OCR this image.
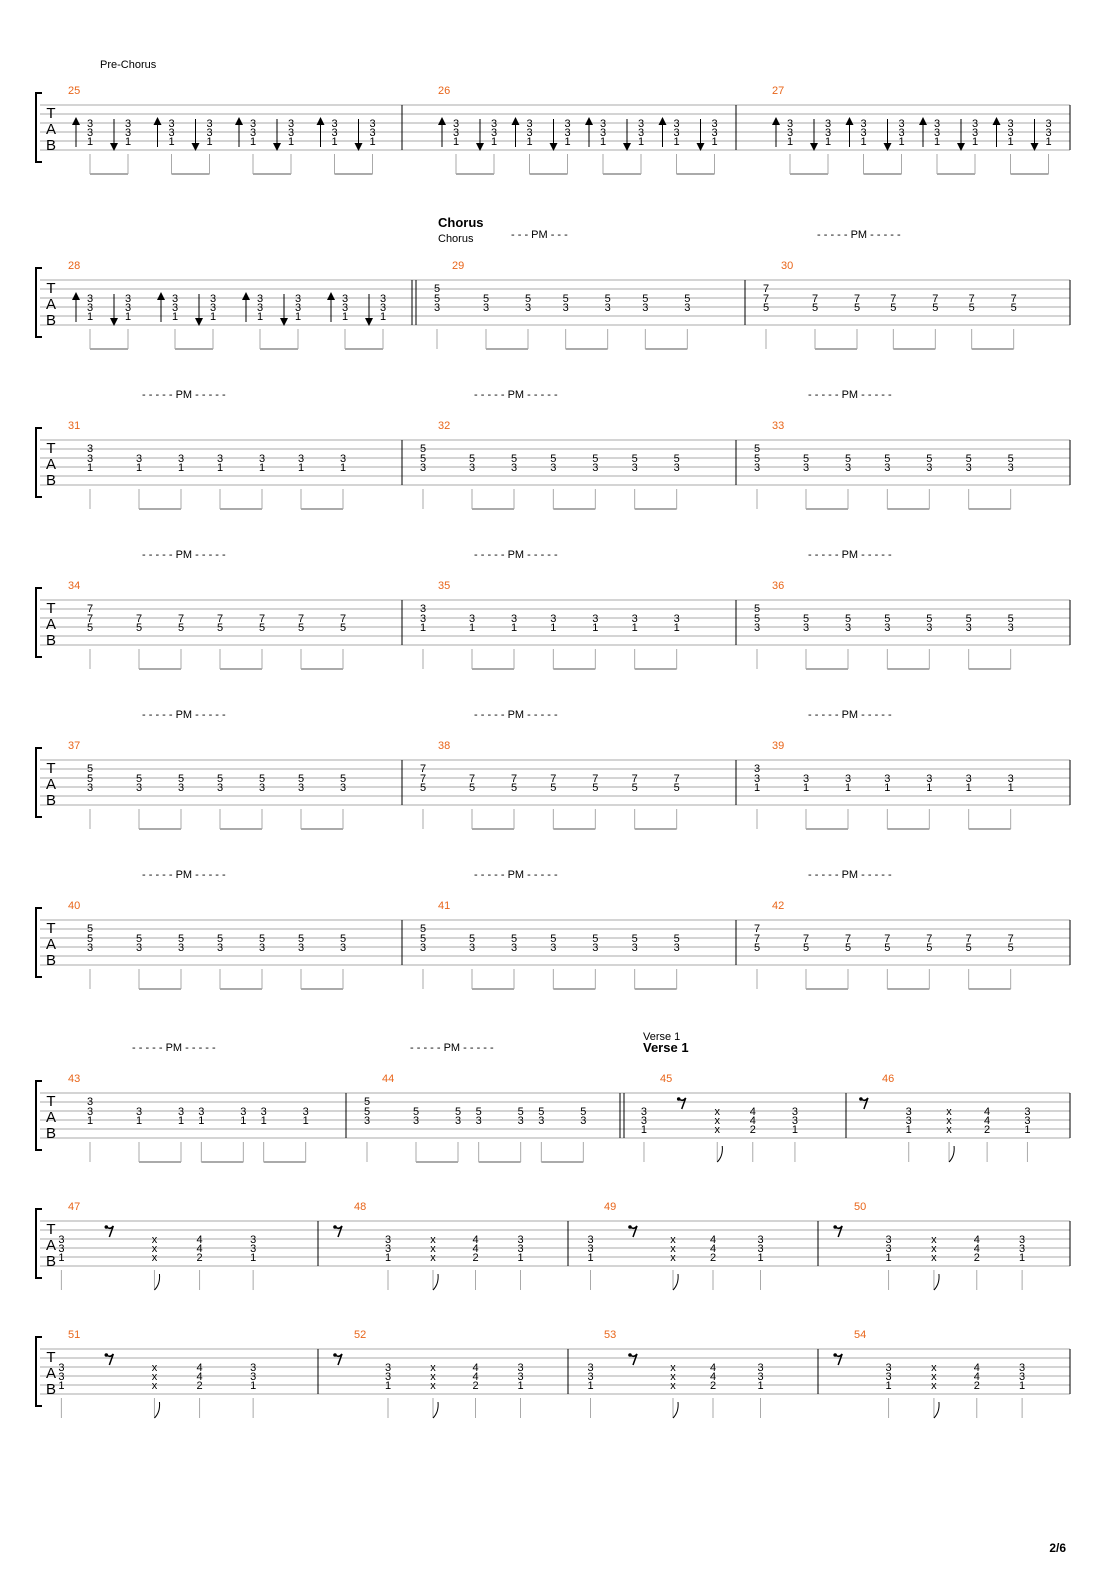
2/6
T
A
B
Pre-Chorus
25
3
3
1
3
3
1
3
3
1
3
3
1
3
3
1
3
3
1
3
3
1
3
3
1
26
3
3
1
3
3
1
3
3
1
3
3
1
3
3
1
3
3
1
3
3
1
3
3
1
27
3
3
1
3
3
1
3
3
1
3
3
1
3
3
1
3
3
1
3
3
1
3
3
1
T
A
B
Chorus
Chorus
28
3
3
1
3
3
1
3
3
1
3
3
1
3
3
1
3
3
1
3
3
1
3
3
1
29
5
5
3
5
3
5
3
5
3
5
3
5
3
5
3
- - - PM - - -
30
7
7
5
7
5
7
5
7
5
7
5
7
5
7
5
- - - - - PM - - - - -
T
A
B
31
3
3
1
3
1
3
1
3
1
3
1
3
1
3
1
- - - - - PM - - - - -
32
5
5
3
5
3
5
3
5
3
5
3
5
3
5
3
- - - - - PM - - - - -
33
5
5
3
5
3
5
3
5
3
5
3
5
3
5
3
- - - - - PM - - - - -
T
A
B
34
7
7
5
7
5
7
5
7
5
7
5
7
5
7
5
- - - - - PM - - - - -
35
3
3
1
3
1
3
1
3
1
3
1
3
1
3
1
- - - - - PM - - - - -
36
5
5
3
5
3
5
3
5
3
5
3
5
3
5
3
- - - - - PM - - - - -
T
A
B
37
5
5
3
5
3
5
3
5
3
5
3
5
3
5
3
- - - - - PM - - - - -
38
7
7
5
7
5
7
5
7
5
7
5
7
5
7
5
- - - - - PM - - - - -
39
3
3
1
3
1
3
1
3
1
3
1
3
1
3
1
- - - - - PM - - - - -
T
A
B
40
5
5
3
5
3
5
3
5
3
5
3
5
3
5
3
- - - - - PM - - - - -
41
5
5
3
5
3
5
3
5
3
5
3
5
3
5
3
- - - - - PM - - - - -
42
7
7
5
7
5
7
5
7
5
7
5
7
5
7
5
- - - - - PM - - - - -
T
A
B
Verse 1
Verse 1
43
3
3
1
3
1
3
1
3
1
3
1
3
1
3
1
- - - - - PM - - - - -
44
5
5
3
5
3
5
3
5
3
5
3
5
3
5
3
- - - - - PM - - - - -
45
3
3
1
x
x
x
4
4
2
3
3
1
46
3
3
1
x
x
x
4
4
2
3
3
1
T
A
B
47
3
3
1
x
x
x
4
4
2
3
3
1
48
3
3
1
x
x
x
4
4
2
3
3
1
49
3
3
1
x
x
x
4
4
2
3
3
1
50
3
3
1
x
x
x
4
4
2
3
3
1
T
A
B
51
3
3
1
x
x
x
4
4
2
3
3
1
52
3
3
1
x
x
x
4
4
2
3
3
1
53
3
3
1
x
x
x
4
4
2
3
3
1
54
3
3
1
x
x
x
4
4
2
3
3
1
